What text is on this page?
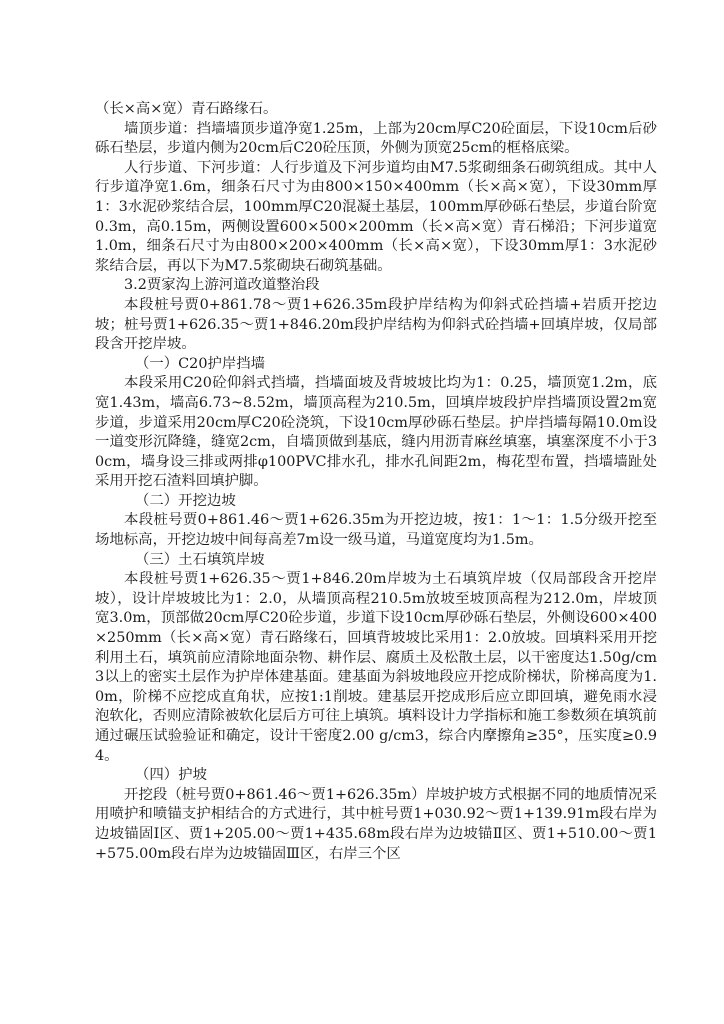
（长×高×宽）青石路缘石。

墙顶步道：挡墙墙顶步道净宽1.25m，上部为20cm厚C20砼面层，下设10cm后砂砾石垫层，步道内侧为20cm后C20砼压顶，外侧为顶宽25cm的框格底梁。

人行步道、下河步道：人行步道及下河步道均由M7.5浆砌细条石砌筑组成。其中人行步道净宽1.6m，细条石尺寸为由800×150×400mm（长×高×宽），下设30mm厚1：3水泥砂浆结合层，100mm厚C20混凝土基层，100mm厚砂砾石垫层，步道台阶宽0.3m，高0.15m，两侧设置600×500×200mm（长×高×宽）青石梯沿；下河步道宽1.0m，细条石尺寸为由800×200×400mm（长×高×宽），下设30mm厚1：3水泥砂浆结合层，再以下为M7.5浆砌块石砌筑基础。

3.2贾家沟上游河道改道整治段

本段桩号贾0+861.78～贾1+626.35m段护岸结构为仰斜式砼挡墙+岩质开挖边坡；桩号贾1+626.35～贾1+846.20m段护岸结构为仰斜式砼挡墙+回填岸坡，仅局部段含开挖岸坡。

（一）C20护岸挡墙

本段采用C20砼仰斜式挡墙，挡墙面坡及背坡坡比均为1：0.25，墙顶宽1.2m，底宽1.43m，墙高6.73~8.52m，墙顶高程为210.5m，回填岸坡段护岸挡墙顶设置2m宽步道，步道采用20cm厚C20砼浇筑，下设10cm厚砂砾石垫层。护岸挡墙每隔10.0m设一道变形沉降缝，缝宽2cm，自墙顶做到基底，缝内用沥青麻丝填塞，填塞深度不小于30cm，墙身设三排或两排φ100PVC排水孔，排水孔间距2m，梅花型布置，挡墙墙趾处采用开挖石渣料回填护脚。

（二）开挖边坡

本段桩号贾0+861.46～贾1+626.35m为开挖边坡，按1：1～1：1.5分级开挖至场地标高，开挖边坡中间每高差7m设一级马道，马道宽度均为1.5m。

（三）土石填筑岸坡

本段桩号贾1+626.35～贾1+846.20m岸坡为土石填筑岸坡（仅局部段含开挖岸坡），设计岸坡坡比为1：2.0，从墙顶高程210.5m放坡至坡顶高程为212.0m，岸坡顶宽3.0m，顶部做20cm厚C20砼步道，步道下设10cm厚砂砾石垫层，外侧设600×400×250mm（长×高×宽）青石路缘石，回填背坡坡比采用1：2.0放坡。回填料采用开挖利用土石，填筑前应清除地面杂物、耕作层、腐质土及松散土层，以干密度达1.50g/cm3以上的密实土层作为护岸体建基面。建基面为斜坡地段应开挖成阶梯状，阶梯高度为1.0m，阶梯不应挖成直角状，应按1:1削坡。建基层开挖成形后应立即回填，避免雨水浸泡软化，否则应清除被软化层后方可往上填筑。填料设计力学指标和施工参数须在填筑前通过碾压试验验证和确定，设计干密度2.00 g/cm3，综合内摩擦角≥35°，压实度≥0.94。

（四）护坡

开挖段（桩号贾0+861.46～贾1+626.35m）岸坡护坡方式根据不同的地质情况采用喷护和喷锚支护相结合的方式进行，其中桩号贾1+030.92～贾1+139.91m段右岸为边坡锚固Ⅰ区、贾1+205.00～贾1+435.68m段右岸为边坡锚Ⅱ区、贾1+510.00～贾1+575.00m段右岸为边坡锚固Ⅲ区，右岸三个区
